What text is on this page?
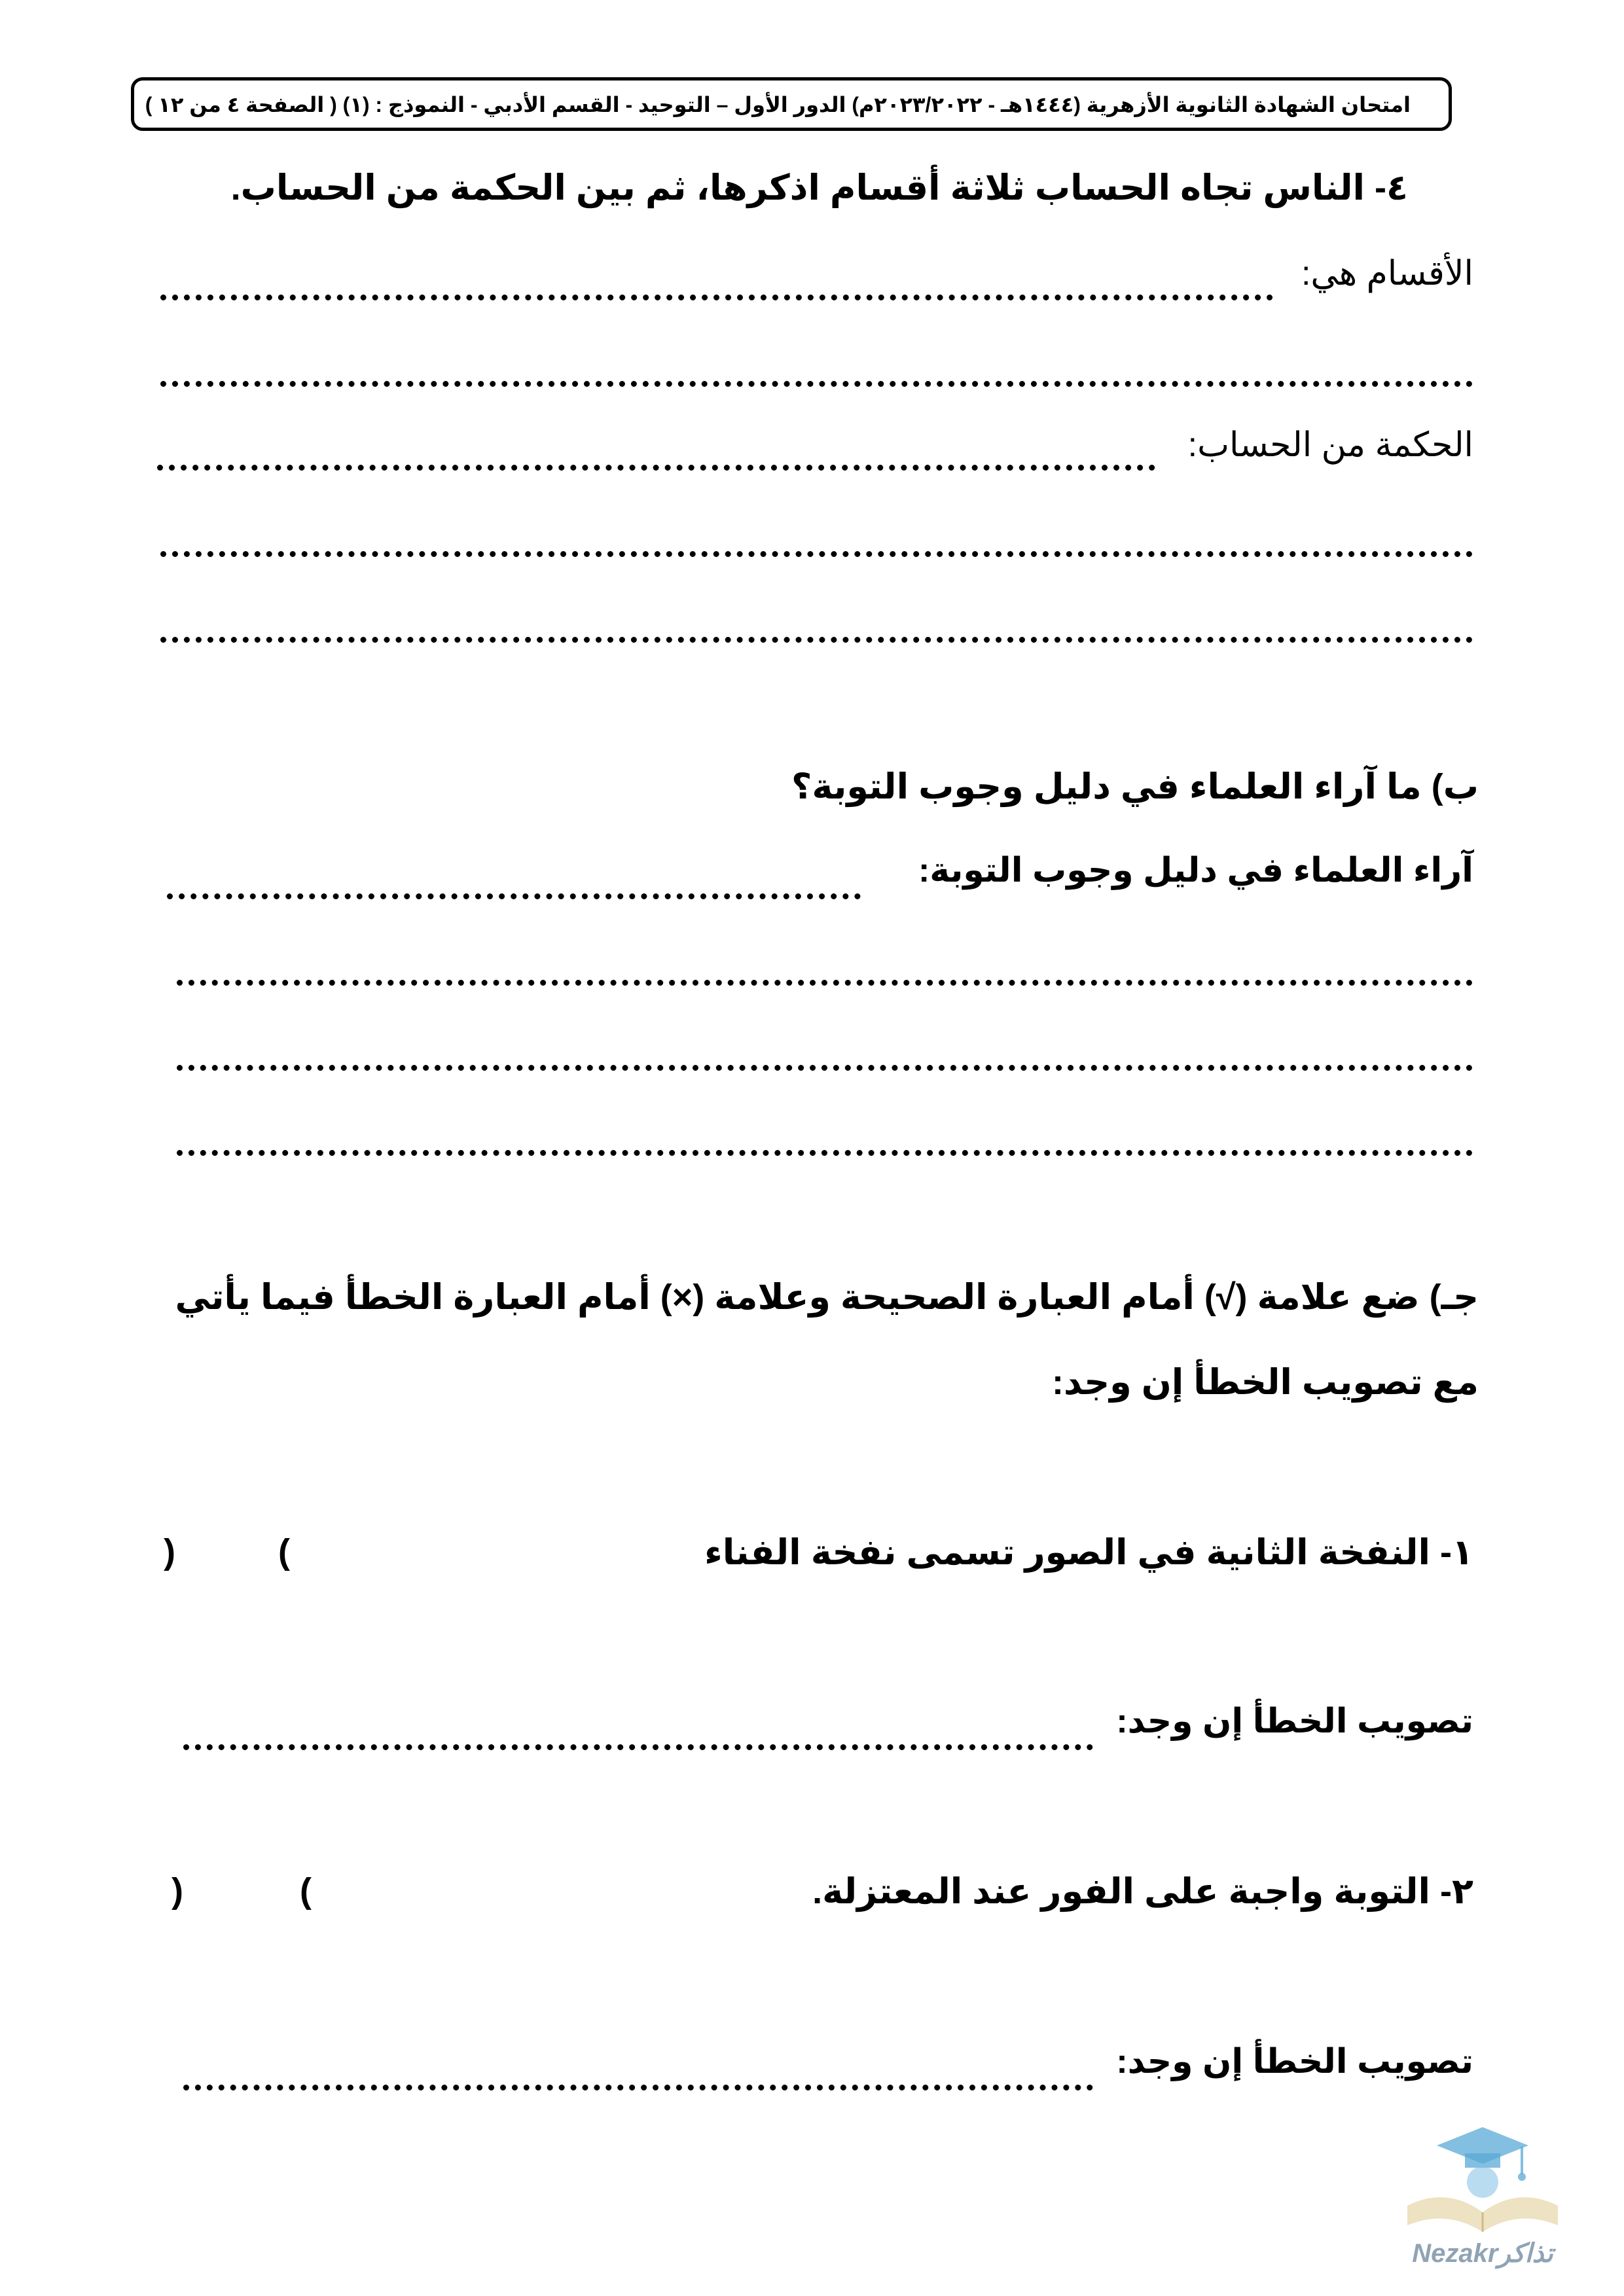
امتحان الشهادة الثانوية الأزهرية (١٤٤٤هـ - ٢٠٢٣/٢٠٢٢م) الدور الأول – التوحيد - القسم الأدبي - النموذج : (١) ( الصفحة ٤ من ١٢ )
٤- الناس تجاه الحساب ثلاثة أقسام اذكرها، ثم بين الحكمة من الحساب.
الأقسام هي:
الحكمة من الحساب:
ب) ما آراء العلماء في دليل وجوب التوبة؟
آراء العلماء في دليل وجوب التوبة:
جـ) ضع علامة (√) أمام العبارة الصحيحة وعلامة (×) أمام العبارة الخطأ فيما يأتي
مع تصويب الخطأ إن وجد:
١- النفخة الثانية في الصور تسمى نفخة الفناء
)	(
تصويب الخطأ إن وجد:
٢- التوبة واجبة على الفور عند المعتزلة.
)	(
تصويب الخطأ إن وجد:
Nezakrتذاكر
